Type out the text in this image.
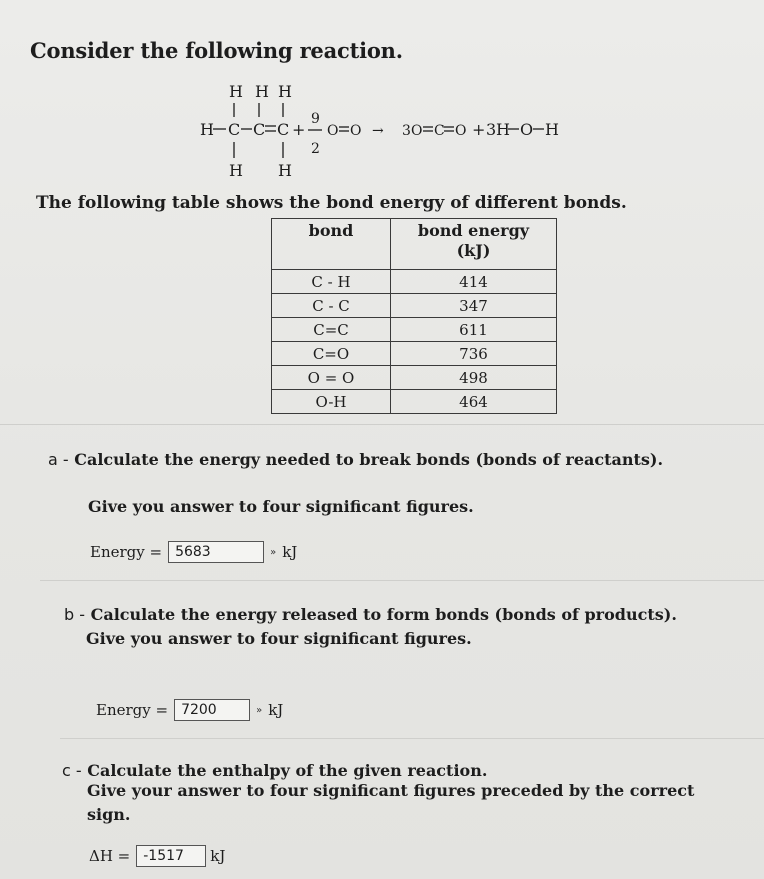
Consider the following reaction.
H H H
H C C C
H H
+
9
2
O O → 3 O C O + 3 H O H
The following table shows the bond energy of different bonds.
bond	bond energy
(kJ)
C - H	414
C - C	347
C=C	611
C=O	736
O = O	498
O-H	464
a - Calculate the energy needed to break bonds (bonds of reactants).
Give you answer to four significant figures.
Energy = 5683	» kJ
b - Calculate the energy released to form bonds (bonds of products).
Give you answer to four significant figures.
Energy = 7200	» kJ
c - Calculate the enthalpy of the given reaction.
Give your answer to four significant figures preceded by the correct
sign.
ΔH = -1517	kJ
